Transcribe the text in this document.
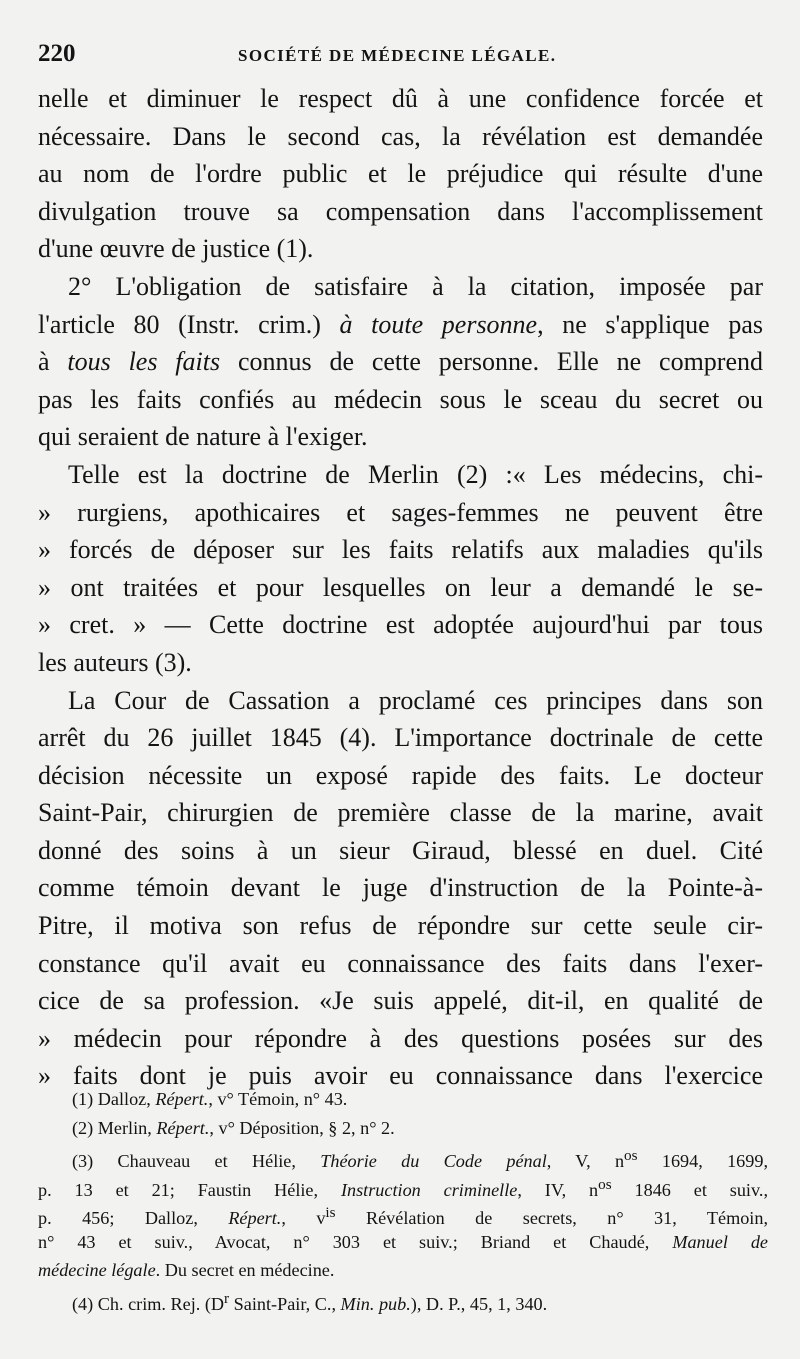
220	SOCIÉTÉ DE MÉDECINE LÉGALE.
nelle et diminuer le respect dû à une confidence forcée et
nécessaire. Dans le second cas, la révélation est demandée
au nom de l'ordre public et le préjudice qui résulte d'une
divulgation trouve sa compensation dans l'accomplissement
d'une œuvre de justice (1).
2° L'obligation de satisfaire à la citation, imposée par
l'article 80 (Instr. crim.) à toute personne, ne s'applique pas
à tous les faits connus de cette personne. Elle ne comprend
pas les faits confiés au médecin sous le sceau du secret ou
qui seraient de nature à l'exiger.
Telle est la doctrine de Merlin (2) :« Les médecins, chi-
» rurgiens, apothicaires et sages-femmes ne peuvent être
» forcés de déposer sur les faits relatifs aux maladies qu'ils
» ont traitées et pour lesquelles on leur a demandé le se-
» cret. » — Cette doctrine est adoptée aujourd'hui par tous
les auteurs (3).
La Cour de Cassation a proclamé ces principes dans son
arrêt du 26 juillet 1845 (4). L'importance doctrinale de cette
décision nécessite un exposé rapide des faits. Le docteur
Saint-Pair, chirurgien de première classe de la marine, avait
donné des soins à un sieur Giraud, blessé en duel. Cité
comme témoin devant le juge d'instruction de la Pointe-à-
Pitre, il motiva son refus de répondre sur cette seule cir-
constance qu'il avait eu connaissance des faits dans l'exer-
cice de sa profession. «Je suis appelé, dit-il, en qualité de
» médecin pour répondre à des questions posées sur des
» faits dont je puis avoir eu connaissance dans l'exercice
(1) Dalloz, Répert., v° Témoin, n° 43.
(2) Merlin, Répert., v° Déposition, § 2, n° 2.
(3) Chauveau et Hélie, Théorie du Code pénal, V, $n^{os}$ 1694, 1699,
p. 13 et 21; Faustin Hélie, Instruction criminelle, IV, $n^{os}$ 1846 et suiv.,
p. 456; Dalloz, Répert., $v^{is}$ Révélation de secrets, n° 31, Témoin,
n° 43 et suiv., Avocat, n° 303 et suiv.; Briand et Chaudé, Manuel de
médecine légale. Du secret en médecine.
(4) Ch. crim. Rej. ($D^r$ Saint-Pair, C., Min. pub.), D. P., 45, 1, 340.
